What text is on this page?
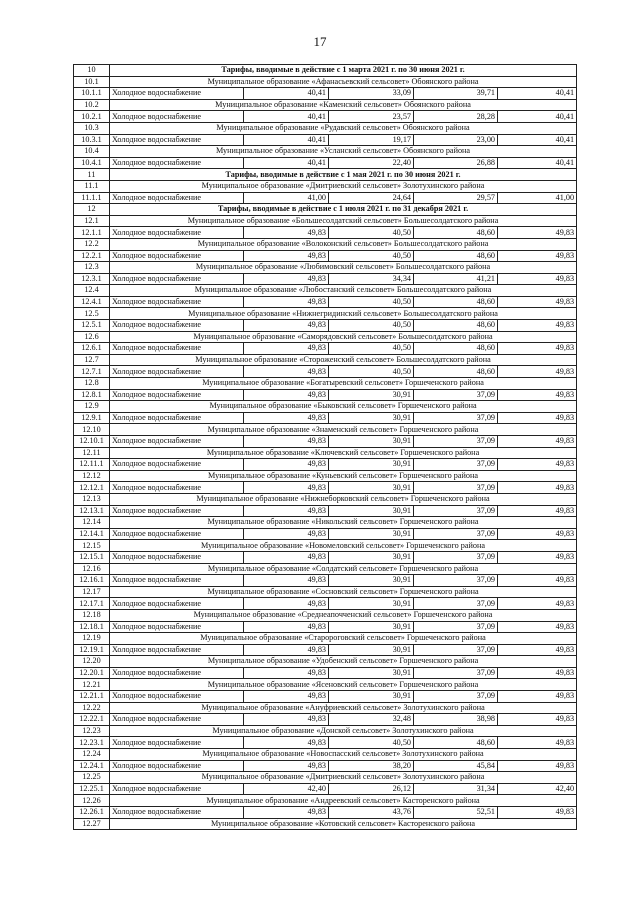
17
10	Тарифы, вводимые в действие с 1 марта 2021 г. по 30 июня 2021 г.				
10.1	Муниципальное образование «Афанасьевский сельсовет» Обоянского района				
10.1.1	Холодное водоснабжение	40,41	33,09	39,71	40,41
10.2	Муниципальное образование «Каменский сельсовет» Обоянского района				
10.2.1	Холодное водоснабжение	40,41	23,57	28,28	40,41
10.3	Муниципальное образование «Рудавский сельсовет» Обоянского района				
10.3.1	Холодное водоснабжение	40,41	19,17	23,00	40,41
10.4	Муниципальное образование «Усланский сельсовет» Обоянского района				
10.4.1	Холодное водоснабжение	40,41	22,40	26,88	40,41
11	Тарифы, вводимые в действие с 1 мая 2021 г. по 30 июня 2021 г.				
11.1	Муниципальное образование «Дмитриевский сельсовет» Золотухинского района				
11.1.1	Холодное водоснабжение	41,00	24,64	29,57	41,00
12	Тарифы, вводимые в действие с 1 июля 2021 г. по 31 декабря 2021 г.				
12.1	Муниципальное образование «Большесолдатский сельсовет» Большесолдатского района				
12.1.1	Холодное водоснабжение	49,83	40,50	48,60	49,83
12.2	Муниципальное образование «Волоконский сельсовет» Большесолдатского района				
12.2.1	Холодное водоснабжение	49,83	40,50	48,60	49,83
12.3	Муниципальное образование «Любимовский сельсовет» Большесолдатского района				
12.3.1	Холодное водоснабжение	49,83	34,34	41,21	49,83
12.4	Муниципальное образование «Любостанский сельсовет» Большесолдатского района				
12.4.1	Холодное водоснабжение	49,83	40,50	48,60	49,83
12.5	Муниципальное образование «Нижнегридинский сельсовет» Большесолдатского района				
12.5.1	Холодное водоснабжение	49,83	40,50	48,60	49,83
12.6	Муниципальное образование «Саморядовский сельсовет» Большесолдатского района				
12.6.1	Холодное водоснабжение	49,83	40,50	48,60	49,83
12.7	Муниципальное образование «Стороженский сельсовет» Большесолдатского района				
12.7.1	Холодное водоснабжение	49,83	40,50	48,60	49,83
12.8	Муниципальное образование «Богатыревский сельсовет» Горшеченского района				
12.8.1	Холодное водоснабжение	49,83	30,91	37,09	49,83
12.9	Муниципальное образование «Быковский сельсовет» Горшеченского района				
12.9.1	Холодное водоснабжение	49,83	30,91	37,09	49,83
12.10	Муниципальное образование «Знаменский сельсовет» Горшеченского района				
12.10.1	Холодное водоснабжение	49,83	30,91	37,09	49,83
12.11	Муниципальное образование «Ключевский сельсовет» Горшеченского района				
12.11.1	Холодное водоснабжение	49,83	30,91	37,09	49,83
12.12	Муниципальное образование «Куньевский сельсовет» Горшеченского района				
12.12.1	Холодное водоснабжение	49,83	30,91	37,09	49,83
12.13	Муниципальное образование «Нижнеборковский сельсовет» Горшеченского района				
12.13.1	Холодное водоснабжение	49,83	30,91	37,09	49,83
12.14	Муниципальное образование «Никольский сельсовет» Горшеченского района				
12.14.1	Холодное водоснабжение	49,83	30,91	37,09	49,83
12.15	Муниципальное образование «Новомеловский сельсовет» Горшеченского района				
12.15.1	Холодное водоснабжение	49,83	30,91	37,09	49,83
12.16	Муниципальное образование «Солдатский сельсовет» Горшеченского района				
12.16.1	Холодное водоснабжение	49,83	30,91	37,09	49,83
12.17	Муниципальное образование «Сосновский сельсовет» Горшеченского района				
12.17.1	Холодное водоснабжение	49,83	30,91	37,09	49,83
12.18	Муниципальное образование «Среднеапочченский сельсовет» Горшеченского района				
12.18.1	Холодное водоснабжение	49,83	30,91	37,09	49,83
12.19	Муниципальное образование «Старороговский сельсовет» Горшеченского района				
12.19.1	Холодное водоснабжение	49,83	30,91	37,09	49,83
12.20	Муниципальное образование «Удобенский сельсовет» Горшеченского района				
12.20.1	Холодное водоснабжение	49,83	30,91	37,09	49,83
12.21	Муниципальное образование «Ясеновский сельсовет» Горшеченского района				
12.21.1	Холодное водоснабжение	49,83	30,91	37,09	49,83
12.22	Муниципальное образование «Ануфриевский сельсовет» Золотухинского района				
12.22.1	Холодное водоснабжение	49,83	32,48	38,98	49,83
12.23	Муниципальное образование «Донской сельсовет» Золотухинского района				
12.23.1	Холодное водоснабжение	49,83	40,50	48,60	49,83
12.24	Муниципальное образование «Новоспасский сельсовет» Золотухинского района				
12.24.1	Холодное водоснабжение	49,83	38,20	45,84	49,83
12.25	Муниципальное образование «Дмитриевский сельсовет» Золотухинского района				
12.25.1	Холодное водоснабжение	42,40	26,12	31,34	42,40
12.26	Муниципальное образование «Андреевский сельсовет» Касторенского района				
12.26.1	Холодное водоснабжение	49,83	43,76	52,51	49,83
12.27	Муниципальное образование «Котовский сельсовет» Касторенского района				
